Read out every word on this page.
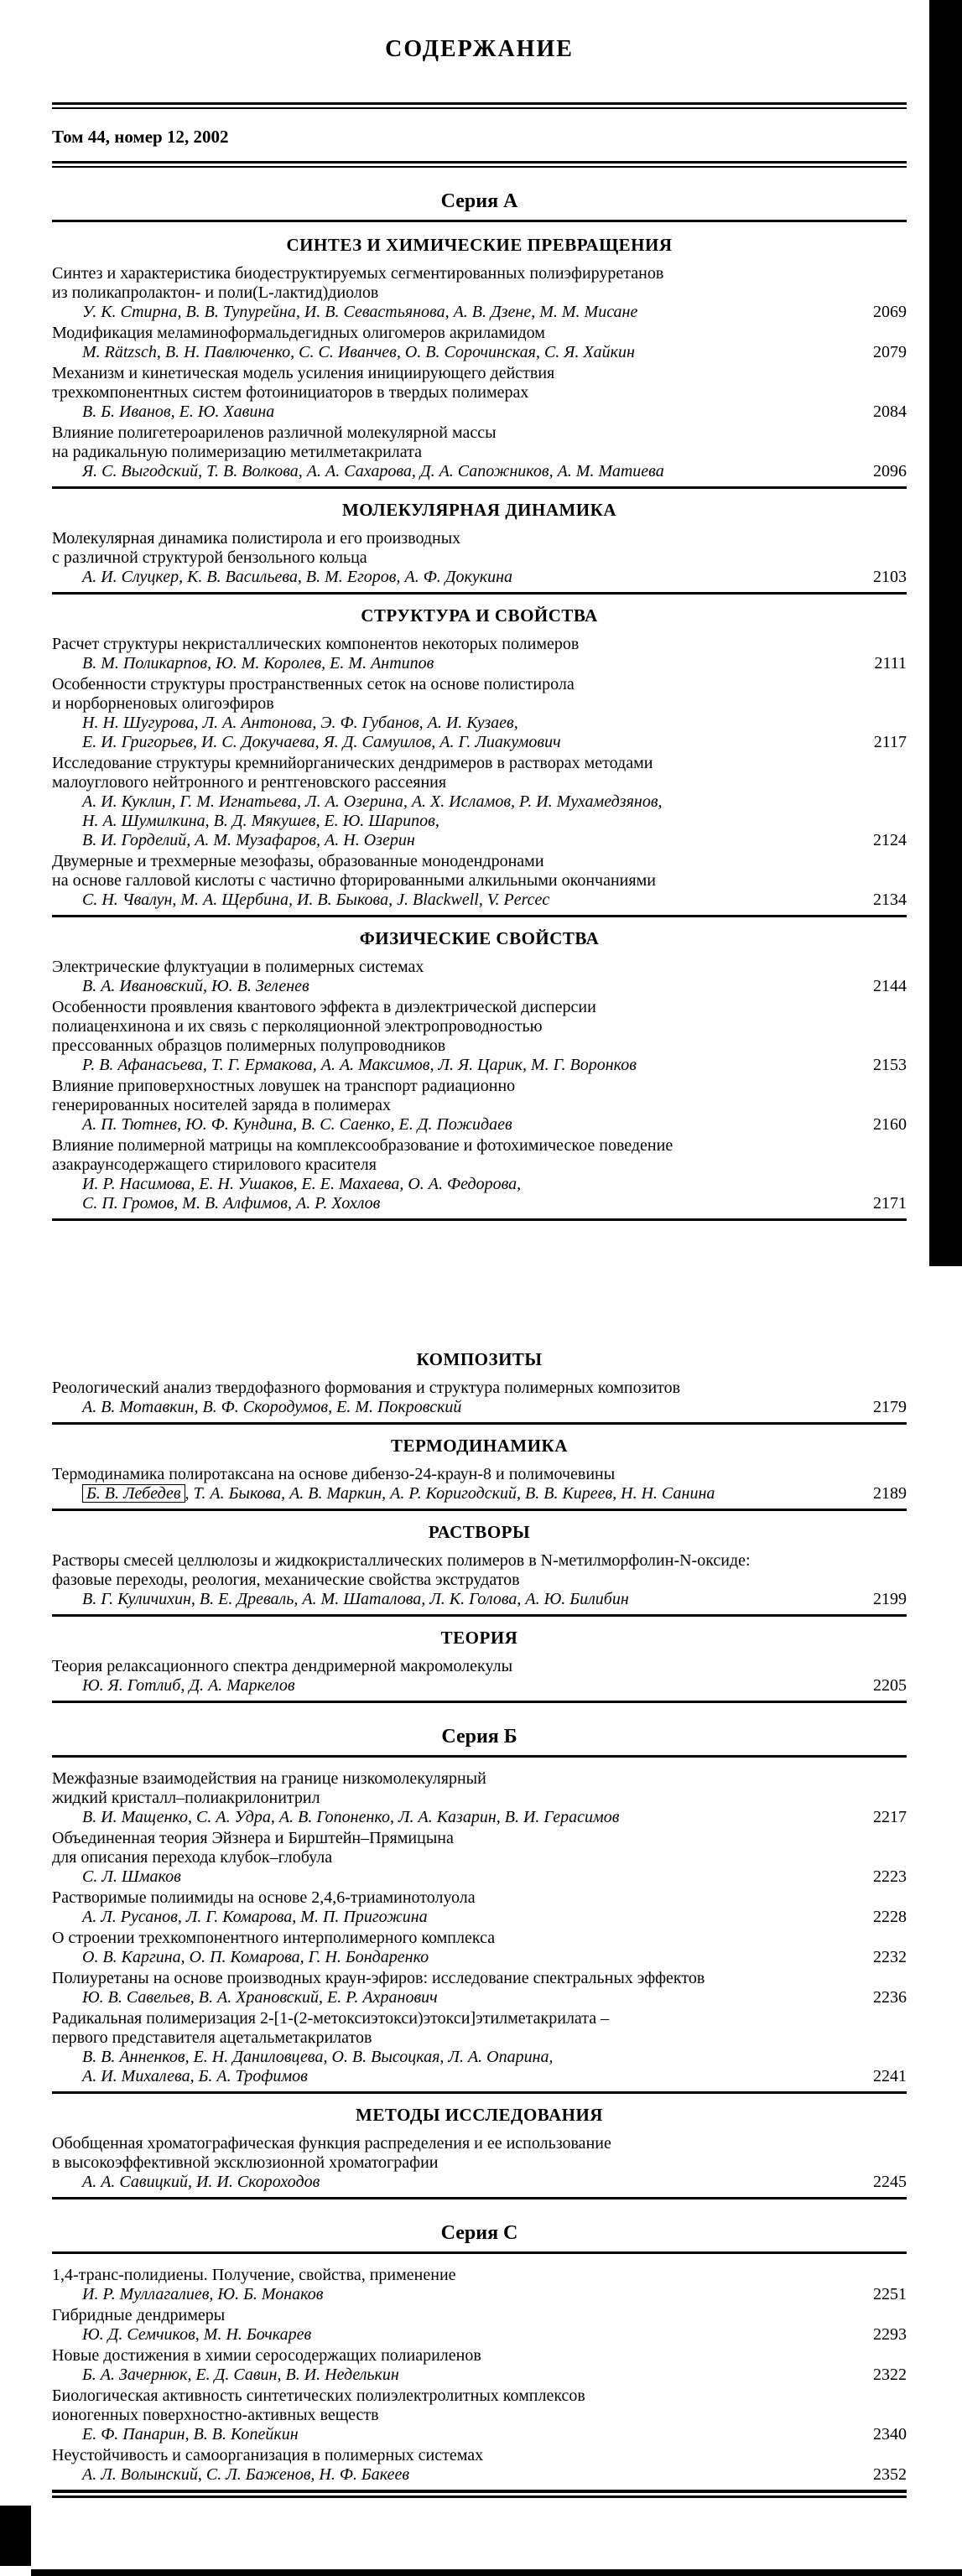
СОДЕРЖАНИЕ
Том 44, номер 12, 2002
Серия А
СИНТЕЗ И ХИМИЧЕСКИЕ ПРЕВРАЩЕНИЯ
Синтез и характеристика биодеструктируемых сегментированных полиэфируретанов
из поликапролактон- и поли(L-лактид)диолов
У. К. Стирна, В. В. Тупурейна, И. В. Севастьянова, А. В. Дзене, М. М. Мисане	2069
Модификация меламиноформальдегидных олигомеров акриламидом
M. Rätzsch, В. Н. Павлюченко, С. С. Иванчев, О. В. Сорочинская, С. Я. Хайкин	2079
Механизм и кинетическая модель усиления инициирующего действия
трехкомпонентных систем фотоинициаторов в твердых полимерах
В. Б. Иванов, Е. Ю. Хавина	2084
Влияние полигетероариленов различной молекулярной массы
на радикальную полимеризацию метилметакрилата
Я. С. Выгодский, Т. В. Волкова, А. А. Сахарова, Д. А. Сапожников, А. М. Матиева	2096
МОЛЕКУЛЯРНАЯ ДИНАМИКА
Молекулярная динамика полистирола и его производных
с различной структурой бензольного кольца
А. И. Слуцкер, К. В. Васильева, В. М. Егоров, А. Ф. Докукина	2103
СТРУКТУРА И СВОЙСТВА
Расчет структуры некристаллических компонентов некоторых полимеров
В. М. Поликарпов, Ю. М. Королев, Е. М. Антипов	2111
Особенности структуры пространственных сеток на основе полистирола
и норборненовых олигоэфиров
Н. Н. Шугурова, Л. А. Антонова, Э. Ф. Губанов, А. И. Кузаев,
Е. И. Григорьев, И. С. Докучаева, Я. Д. Самуилов, А. Г. Лиакумович	2117
Исследование структуры кремнийорганических дендримеров в растворах методами
малоуглового нейтронного и рентгеновского рассеяния
А. И. Куклин, Г. М. Игнатьева, Л. А. Озерина, А. Х. Исламов, Р. И. Мухамедзянов,
Н. А. Шумилкина, В. Д. Мякушев, Е. Ю. Шарипов,
В. И. Горделий, А. М. Музафаров, А. Н. Озерин	2124
Двумерные и трехмерные мезофазы, образованные монодендронами
на основе галловой кислоты с частично фторированными алкильными окончаниями
С. Н. Чвалун, М. А. Щербина, И. В. Быкова, J. Blackwell, V. Percec	2134
ФИЗИЧЕСКИЕ СВОЙСТВА
Электрические флуктуации в полимерных системах
В. А. Ивановский, Ю. В. Зеленев	2144
Особенности проявления квантового эффекта в диэлектрической дисперсии
полиаценхинона и их связь с перколяционной электропроводностью
прессованных образцов полимерных полупроводников
Р. В. Афанасьева, Т. Г. Ермакова, А. А. Максимов, Л. Я. Царик, М. Г. Воронков	2153
Влияние приповерхностных ловушек на транспорт радиационно
генерированных носителей заряда в полимерах
А. П. Тютнев, Ю. Ф. Кундина, В. С. Саенко, Е. Д. Пожидаев	2160
Влияние полимерной матрицы на комплексообразование и фотохимическое поведение
азакраунсодержащего стирилового красителя
И. Р. Насимова, Е. Н. Ушаков, Е. Е. Махаева, О. А. Федорова,
С. П. Громов, М. В. Алфимов, А. Р. Хохлов	2171
КОМПОЗИТЫ
Реологический анализ твердофазного формования и структура полимерных композитов
А. В. Мотавкин, В. Ф. Скородумов, Е. М. Покровский	2179
ТЕРМОДИНАМИКА
Термодинамика полиротаксана на основе дибензо-24-краун-8 и полимочевины
Б. В. Лебедев , Т. А. Быкова, А. В. Маркин, А. Р. Коригодский, В. В. Киреев, Н. Н. Санина	2189
РАСТВОРЫ
Растворы смесей целлюлозы и жидкокристаллических полимеров в N-метилморфолин-N-оксиде:
фазовые переходы, реология, механические свойства экструдатов
В. Г. Куличихин, В. Е. Древаль, А. М. Шаталова, Л. К. Голова, А. Ю. Билибин	2199
ТЕОРИЯ
Теория релаксационного спектра дендримерной макромолекулы
Ю. Я. Готлиб, Д. А. Маркелов	2205
Серия Б
Межфазные взаимодействия на границе низкомолекулярный
жидкий кристалл–полиакрилонитрил
В. И. Мащенко, С. А. Удра, А. В. Гопоненко, Л. А. Казарин, В. И. Герасимов	2217
Объединенная теория Эйзнера и Бирштейн–Прямицына
для описания перехода клубок–глобула
С. Л. Шмаков	2223
Растворимые полиимиды на основе 2,4,6-триаминотолуола
А. Л. Русанов, Л. Г. Комарова, М. П. Пригожина	2228
О строении трехкомпонентного интерполимерного комплекса
О. В. Каргина, О. П. Комарова, Г. Н. Бондаренко	2232
Полиуретаны на основе производных краун-эфиров: исследование спектральных эффектов
Ю. В. Савельев, В. А. Храновский, Е. Р. Ахранович	2236
Радикальная полимеризация 2-[1-(2-метоксиэтокси)этокси]этилметакрилата –
первого представителя ацетальметакрилатов
В. В. Анненков, Е. Н. Даниловцева, О. В. Высоцкая, Л. А. Опарина,
А. И. Михалева, Б. А. Трофимов	2241
МЕТОДЫ ИССЛЕДОВАНИЯ
Обобщенная хроматографическая функция распределения и ее использование
в высокоэффективной эксклюзионной хроматографии
А. А. Савицкий, И. И. Скороходов	2245
Серия С
1,4-транс-полидиены. Получение, свойства, применение
И. Р. Муллагалиев, Ю. Б. Монаков	2251
Гибридные дендримеры
Ю. Д. Семчиков, М. Н. Бочкарев	2293
Новые достижения в химии серосодержащих полиариленов
Б. А. Зачернюк, Е. Д. Савин, В. И. Неделькин	2322
Биологическая активность синтетических полиэлектролитных комплексов
ионогенных поверхностно-активных веществ
Е. Ф. Панарин, В. В. Копейкин	2340
Неустойчивость и самоорганизация в полимерных системах
А. Л. Волынский, С. Л. Баженов, Н. Ф. Бакеев	2352
